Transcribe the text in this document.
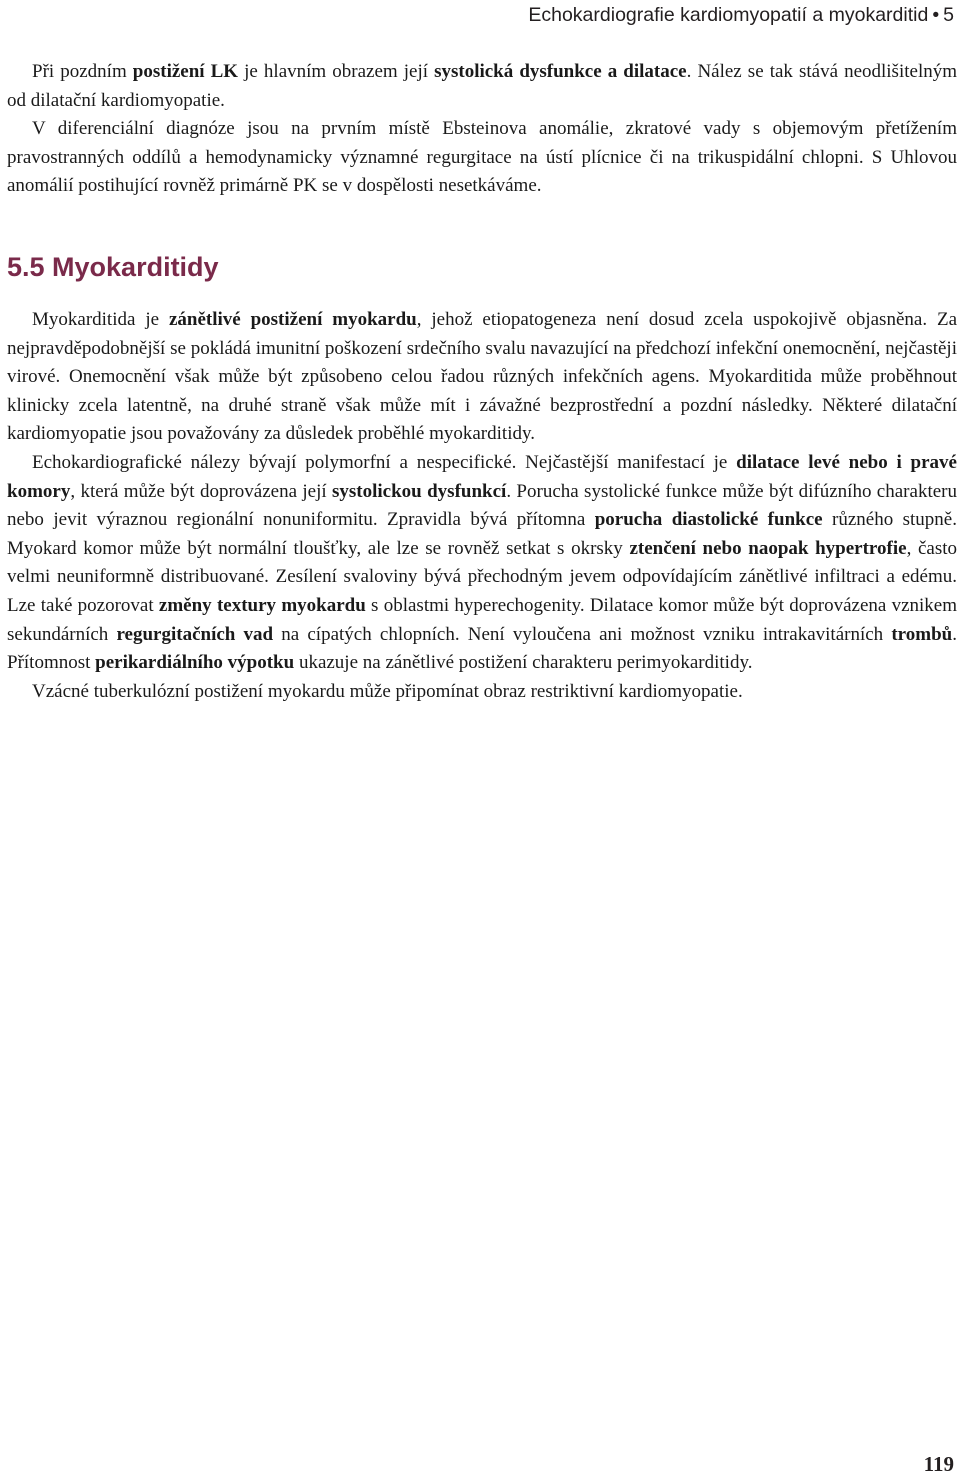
Echokardiografie kardiomyopatií a myokarditid • 5

Při pozdním postižení LK je hlavním obrazem její systolická dysfunkce a dilatace. Nález se tak stává neodlišitelným od dilatační kardiomyopatie.

V diferenciální diagnóze jsou na prvním místě Ebsteinova anomálie, zkratové vady s objemovým přetížením pravostranných oddílů a hemodynamicky významné regurgitace na ústí plícnice či na trikuspidální chlopni. S Uhlovou anomálií postihující rovněž primárně PK se v dospělosti nesetkáváme.

5.5 Myokarditidy

Myokarditida je zánětlivé postižení myokardu, jehož etiopatogeneza není dosud zcela uspokojivě objasněna. Za nejpravděpodobnější se pokládá imunitní poškození srdečního svalu navazující na předchozí infekční onemocnění, nejčastěji virové. Onemocnění však může být způsobeno celou řadou různých infekčních agens. Myokarditida může proběhnout klinicky zcela latentně, na druhé straně však může mít i závažné bezprostřední a pozdní následky. Některé dilatační kardiomyopatie jsou považovány za důsledek proběhlé myokarditidy.

Echokardiografické nálezy bývají polymorfní a nespecifické. Nejčastější manifestací je dilatace levé nebo i pravé komory, která může být doprovázena její systolickou dysfunkcí. Porucha systolické funkce může být difúzního charakteru nebo jevit výraznou regionální nonuniformitu. Zpravidla bývá přítomna porucha diastolické funkce různého stupně. Myokard komor může být normální tloušťky, ale lze se rovněž setkat s okrsky ztenčení nebo naopak hypertrofie, často velmi neuniformně distribuované. Zesílení svaloviny bývá přechodným jevem odpovídajícím zánětlivé infiltraci a edému. Lze také pozorovat změny textury myokardu s oblastmi hyperechogenity. Dilatace komor může být doprovázena vznikem sekundárních regurgitačních vad na cípatých chlopních. Není vyloučena ani možnost vzniku intrakavitárních trombů. Přítomnost perikardiálního výpotku ukazuje na zánětlivé postižení charakteru perimyokarditidy.

Vzácné tuberkulózní postižení myokardu může připomínat obraz restriktivní kardiomyopatie.

119
